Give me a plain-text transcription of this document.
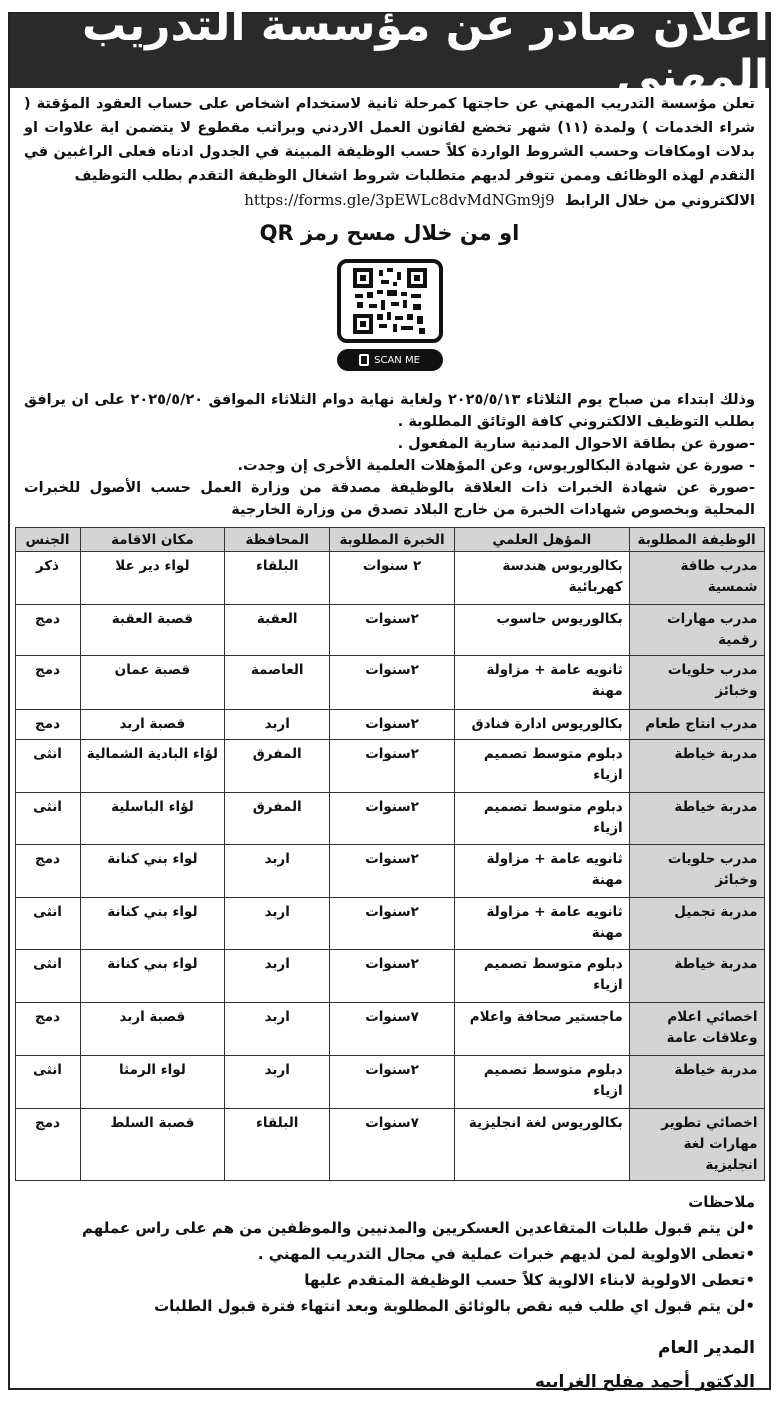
اعلان صادر عن مؤسسة التدريب المهني
تعلن مؤسسة التدريب المهني عن حاجتها كمرحلة ثانية لاستخدام اشخاص على حساب العقود المؤقتة ( شراء الخدمات ) ولمدة (١١) شهر تخضع لقانون العمل الاردني وبراتب مقطوع لا يتضمن اية علاوات او بدلات اومكافات وحسب الشروط الواردة كلاً حسب الوظيفة المبينة في الجدول ادناه فعلى الراغبين في التقدم لهذه الوظائف وممن تتوفر لديهم متطلبات شروط اشغال الوظيفة التقدم بطلب التوظيف
الالكتروني من خلال الرابط
https://forms.gle/3pEWLc8dvMdNGm9j9
او من خلال مسح رمز QR
SCAN ME

وذلك ابتداء من صباح يوم الثلاثاء ٢٠٢٥/٥/١٣ ولغاية نهاية دوام الثلاثاء الموافق ٢٠٢٥/٥/٢٠ على ان يرافق بطلب التوظيف الالكتروني كافة الوثائق المطلوبة .

-صورة عن بطاقة الاحوال المدنية سارية المفعول .

- صورة عن شهادة البكالوريوس، وعن المؤهلات العلمية الأخرى إن وجدت.

-صورة عن شهادة الخبرات ذات العلاقة بالوظيفة مصدقة من وزارة العمل حسب الأصول للخبرات المحلية وبخصوص شهادات الخبرة من خارج البلاد تصدق من وزارة الخارجية

الوظيفة المطلوبة	المؤهل العلمي	الخبرة المطلوبة	المحافظة	مكان الاقامة	الجنس
مدرب طاقة شمسية	بكالوريوس هندسة كهربائية	٢ سنوات	البلقاء	لواء دير علا	ذكر
مدرب مهارات رقمية	بكالوريوس حاسوب	٢سنوات	العقبة	قصبة العقبة	دمج
مدرب حلويات وخبائز	ثانويه عامة + مزاولة مهنة	٢سنوات	العاصمة	قصبة عمان	دمج
مدرب انتاج طعام	بكالوريوس ادارة فنادق	٢سنوات	اربد	قصبة اربد	دمج
مدربة خياطة	دبلوم متوسط تصميم ازياء	٢سنوات	المفرق	لؤاء البادية الشمالية	انثى
مدربة خياطة	دبلوم متوسط تصميم ازياء	٢سنوات	المفرق	لؤاء الباسلية	انثى
مدرب حلويات وخبائز	ثانويه عامة + مزاولة مهنة	٢سنوات	اربد	لواء بني كنانة	دمج
مدربة تجميل	ثانويه عامة + مزاولة مهنة	٢سنوات	اربد	لواء بني كنانة	انثى
مدربة خياطة	دبلوم متوسط تصميم ازياء	٢سنوات	اربد	لواء بني كنانة	انثى
اخصائي اعلام وعلاقات عامة	ماجستير صحافة واعلام	٧سنوات	اربد	قصبة اربد	دمج
مدربة خياطة	دبلوم متوسط تصميم ازياء	٢سنوات	اربد	لواء الرمثا	انثى
اخصائي تطوير مهارات لغة انجليزية	بكالوريوس لغة انجليزية	٧سنوات	البلقاء	قصبة السلط	دمج
ملاحظات
•لن يتم قبول طلبات المتقاعدين العسكريين والمدنيين والموظفين من هم على راس عملهم
•تعطى الاولوية لمن لديهم خبرات عملية في مجال التدريب المهني .
•تعطى الاولوية لابناء الالوية كلاً حسب الوظيفة المتقدم عليها
•لن يتم قبول اي طلب فيه نقص بالوثائق المطلوبة وبعد انتهاء فترة قبول الطلبات
المدير العام
الدكتور أحمد مفلح الغرايبه
